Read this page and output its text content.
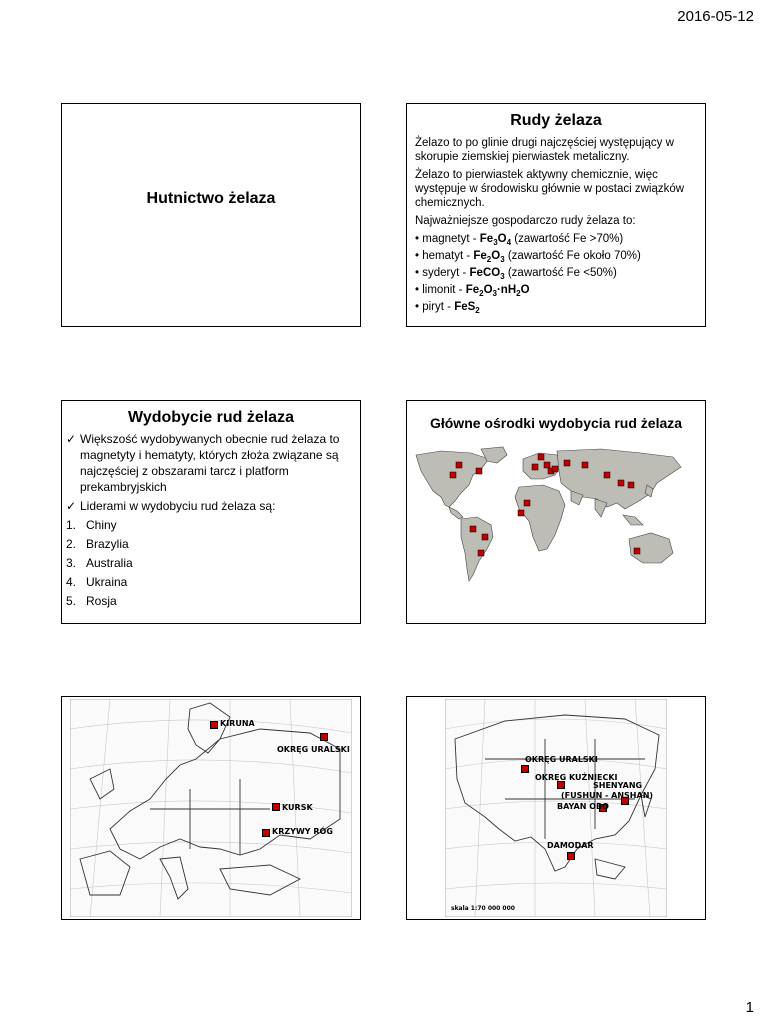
2016-05-12
Hutnictwo żelaza
Rudy żelaza

Żelazo to po glinie drugi najczęściej występujący w skorupie ziemskiej pierwiastek metaliczny.

Żelazo to pierwiastek aktywny chemicznie, więc występuje w środowisku głównie w postaci związków chemicznych.

Najważniejsze gospodarczo rudy żelaza to:

• magnetyt - $Fe_3O_4$ (zawartość Fe >70%)
• hematyt - $Fe_2O_3$ (zawartość Fe około 70%)
• syderyt - FeCO$_3$ (zawartość Fe <50%)
• limonit - $Fe_2O_3\cdot nH_2O$
• piryt - FeS$_2$
Wydobycie rud żelaza
✓ Większość wydobywanych obecnie rud żelaza to magnetyty i hematyty, których złoża związane są najczęściej z obszarami tarcz i platform prekambryjskich
✓ Liderami w wydobyciu rud żelaza są:
1. Chiny
2. Brazylia
3. Australia
4. Ukraina
5. Rosja
Główne ośrodki wydobycia rud żelaza
KIRUNA
OKRĘG URALSKI
KURSK
KRZYWY RÓG
OKRĘG URALSKI
OKRĘG KUŹNIECKI
SHENYANG
(FUSHUN - ANSHAN)
BAYAN OBO
DAMODAR
skala 1:70 000 000
1
